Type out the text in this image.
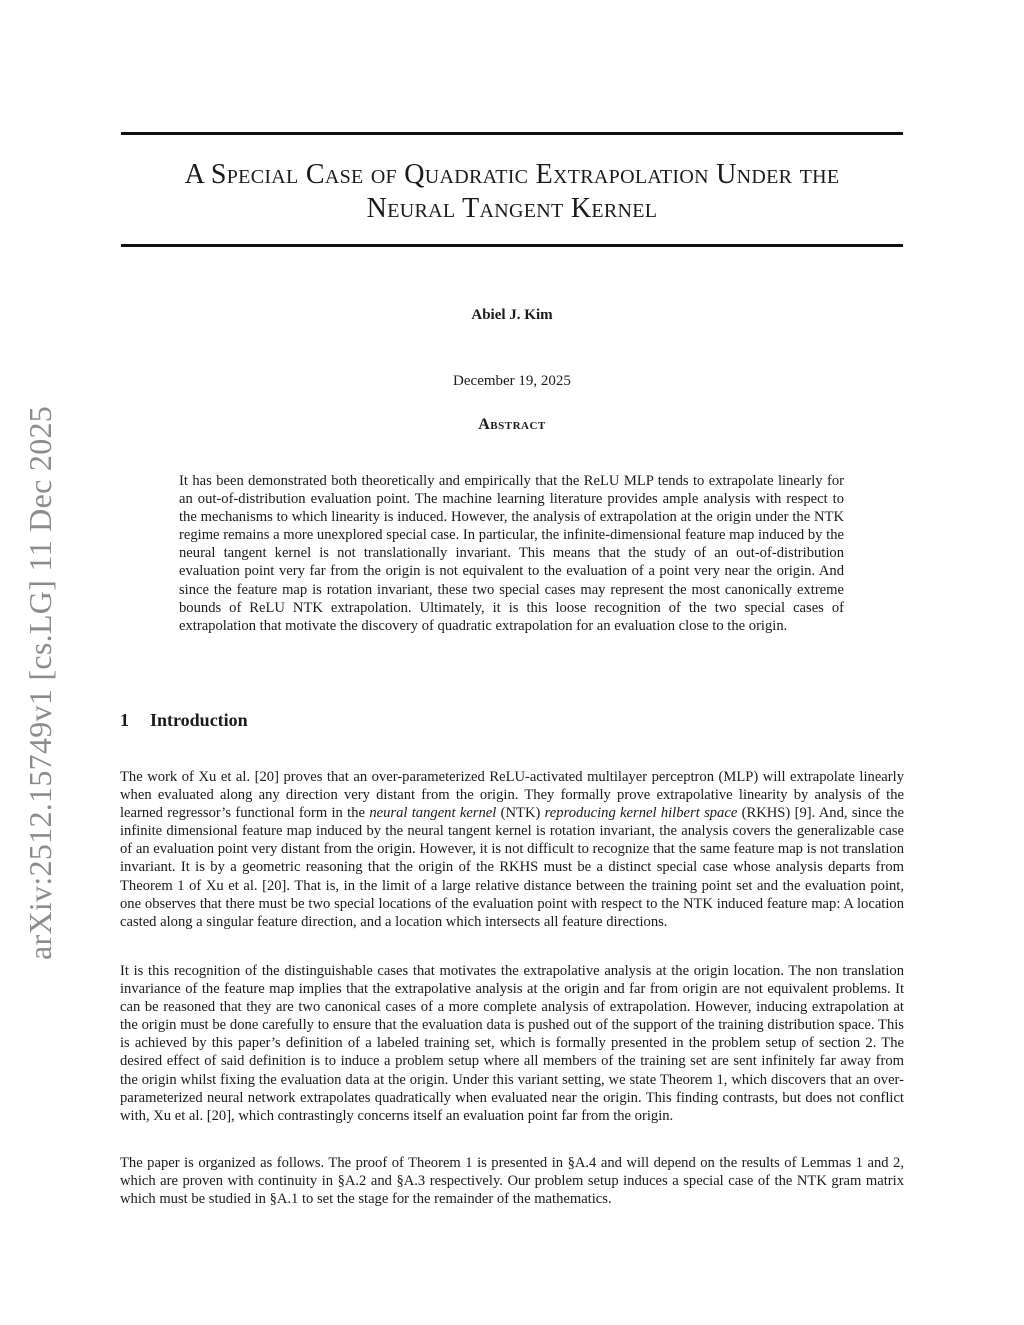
arXiv:2512.15749v1 [cs.LG] 11 Dec 2025
A Special Case of Quadratic Extrapolation Under the
Neural Tangent Kernel

Abiel J. Kim

December 19, 2025

Abstract

It has been demonstrated both theoretically and empirically that the ReLU MLP tends to extrapolate linearly for an out-of-distribution evaluation point. The machine learning literature provides ample analysis with respect to the mechanisms to which linearity is induced. However, the analysis of extrapolation at the origin under the NTK regime remains a more unexplored special case. In particular, the infinite-dimensional feature map induced by the neural tangent kernel is not translationally invariant. This means that the study of an out-of-distribution evaluation point very far from the origin is not equivalent to the evaluation of a point very near the origin. And since the feature map is rotation invariant, these two special cases may represent the most canonically extreme bounds of ReLU NTK extrapolation. Ultimately, it is this loose recognition of the two special cases of extrapolation that motivate the discovery of quadratic extrapolation for an evaluation close to the origin.

1 Introduction

The work of Xu et al. [20] proves that an over-parameterized ReLU-activated multilayer perceptron (MLP) will extrapolate linearly when evaluated along any direction very distant from the origin. They formally prove extrapolative linearity by analysis of the learned regressor’s functional form in the neural tangent kernel (NTK) reproducing kernel hilbert space (RKHS) [9]. And, since the infinite dimensional feature map induced by the neural tangent kernel is rotation invariant, the analysis covers the generalizable case of an evaluation point very distant from the origin. However, it is not difficult to recognize that the same feature map is not translation invariant. It is by a geometric reasoning that the origin of the RKHS must be a distinct special case whose analysis departs from Theorem 1 of Xu et al. [20]. That is, in the limit of a large relative distance between the training point set and the evaluation point, one observes that there must be two special locations of the evaluation point with respect to the NTK induced feature map: A location casted along a singular feature direction, and a location which intersects all feature directions.

It is this recognition of the distinguishable cases that motivates the extrapolative analysis at the origin location. The non translation invariance of the feature map implies that the extrapolative analysis at the origin and far from origin are not equivalent problems. It can be reasoned that they are two canonical cases of a more complete analysis of extrapolation. However, inducing extrapolation at the origin must be done carefully to ensure that the evaluation data is pushed out of the support of the training distribution space. This is achieved by this paper’s definition of a labeled training set, which is formally presented in the problem setup of section 2. The desired effect of said definition is to induce a problem setup where all members of the training set are sent infinitely far away from the origin whilst fixing the evaluation data at the origin. Under this variant setting, we state Theorem 1, which discovers that an over-parameterized neural network extrapolates quadratically when evaluated near the origin. This finding contrasts, but does not conflict with, Xu et al. [20], which contrastingly concerns itself an evaluation point far from the origin.

The paper is organized as follows. The proof of Theorem 1 is presented in §A.4 and will depend on the results of Lemmas 1 and 2, which are proven with continuity in §A.2 and §A.3 respectively. Our problem setup induces a special case of the NTK gram matrix which must be studied in §A.1 to set the stage for the remainder of the mathematics.
